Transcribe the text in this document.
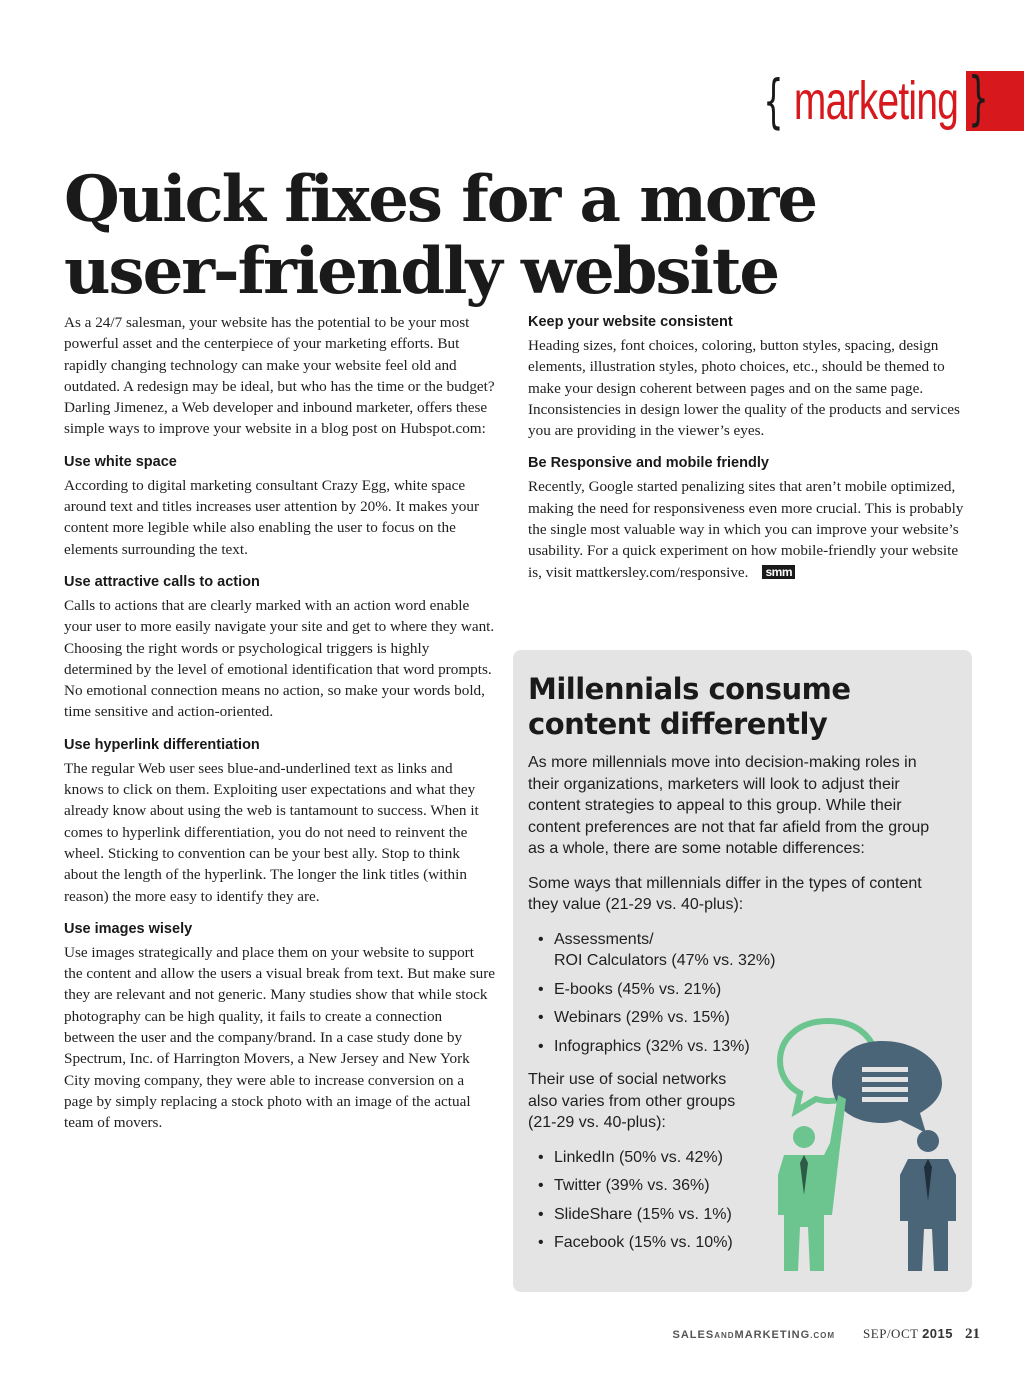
{ marketing }
Quick fixes for a more user-friendly website

As a 24/7 salesman, your website has the potential to be your most powerful asset and the centerpiece of your marketing efforts. But rapidly changing technology can make your website feel old and outdated. A redesign may be ideal, but who has the time or the budget? Darling Jimenez, a Web developer and inbound marketer, offers these simple ways to improve your website in a blog post on Hubspot.com:

Use white space

According to digital marketing consultant Crazy Egg, white space around text and titles increases user attention by 20%. It makes your content more legible while also enabling the user to focus on the elements surrounding the text.

Use attractive calls to action

Calls to actions that are clearly marked with an action word enable your user to more easily navigate your site and get to where they want. Choosing the right words or psychological triggers is highly determined by the level of emotional identification that word prompts. No emotional connection means no action, so make your words bold, time sensitive and action-oriented.

Use hyperlink differentiation

The regular Web user sees blue-and-underlined text as links and knows to click on them. Exploiting user expectations and what they already know about using the web is tantamount to success. When it comes to hyperlink differentiation, you do not need to reinvent the wheel. Sticking to convention can be your best ally. Stop to think about the length of the hyperlink. The longer the link titles (within reason) the more easy to identify they are.

Use images wisely

Use images strategically and place them on your website to support the content and allow the users a visual break from text. But make sure they are relevant and not generic. Many studies show that while stock photography can be high quality, it fails to create a connection between the user and the company/brand. In a case study done by Spectrum, Inc. of Harrington Movers, a New Jersey and New York City moving company, they were able to increase conversion on a page by simply replacing a stock photo with an image of the actual team of movers.

Keep your website consistent

Heading sizes, font choices, coloring, button styles, spacing, design elements, illustration styles, photo choices, etc., should be themed to make your design coherent between pages and on the same page. Inconsistencies in design lower the quality of the products and services you are providing in the viewer’s eyes.

Be Responsive and mobile friendly

Recently, Google started penalizing sites that aren’t mobile optimized, making the need for responsiveness even more crucial. This is probably the single most valuable way in which you can improve your website’s usability. For a quick experiment on how mobile-friendly your website is, visit mattkersley.com/responsive. smm

Millennials consume content differently

As more millennials move into decision-making roles in their organizations, marketers will look to adjust their content strategies to appeal to this group. While their content preferences are not that far afield from the group as a whole, there are some notable differences:

Some ways that millennials differ in the types of content they value (21-29 vs. 40-plus):

• Assessments/
ROI Calculators (47% vs. 32%)
• E-books (45% vs. 21%)
• Webinars (29% vs. 15%)
• Infographics (32% vs. 13%)

Their use of social networks also varies from other groups (21-29 vs. 40-plus):

• LinkedIn (50% vs. 42%)
• Twitter (39% vs. 36%)
• SlideShare (15% vs. 1%)
• Facebook (15% vs. 10%)
SALESANDMARKETING.COM SEP/OCT 2015 21
